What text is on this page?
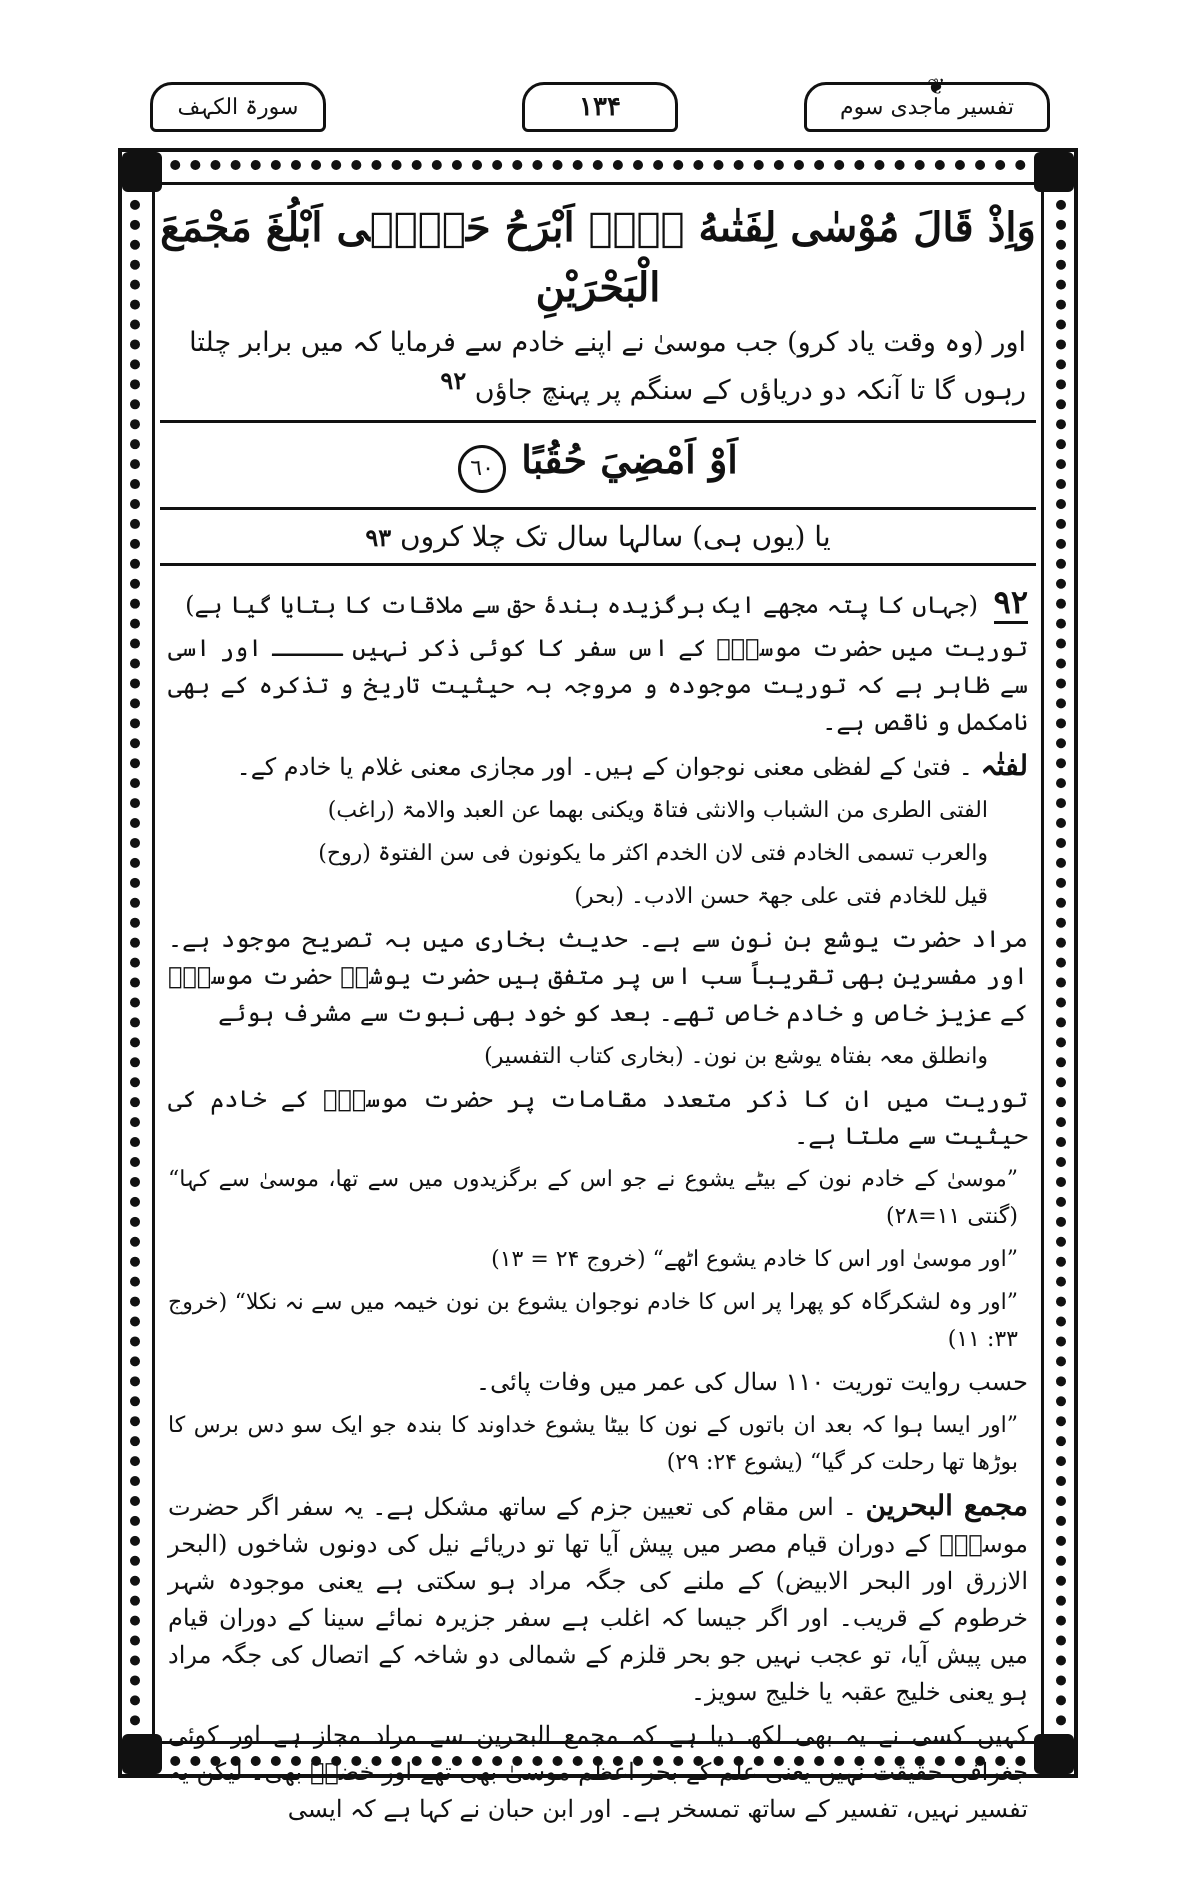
❦
تفسیر ماجدی سوم
۱۳۴
سورۃ الکہف
وَاِذْ قَالَ مُوْسٰى لِفَتٰىهُ لَاۤ اَبْرَحُ حَتّٰۤى اَبْلُغَ مَجْمَعَ الْبَحْرَيْنِ
اور (وہ وقت یاد کرو) جب موسیٰ نے اپنے خادم سے فرمایا کہ میں برابر چلتا رہوں گا تا آنکہ دو دریاؤں کے سنگم پر پہنچ جاؤں $^{۹۲}$
اَوْ اَمْضِيَ حُقُبًا ٦٠
یا (یوں ہی) سالہا سال تک چلا کروں ۹۳

۹۲ (جہاں کا پتہ مجھے ایک برگزیدہ بندۂ حق سے ملاقات کا بتایا گیا ہے)

توریت میں حضرت موسیٰؑ کے اس سفر کا کوئی ذکر نہیں ـــــ اور اسی سے ظاہر ہے کہ توریت موجودہ و مروجہ بہ حیثیت تاریخ و تذکرہ کے بھی نامکمل و ناقص ہے۔

لفتٰہ ۔ فتیٰ کے لفظی معنی نوجوان کے ہیں۔ اور مجازی معنی غلام یا خادم کے۔

الفتی الطری من الشباب والانثی فتاۃ ویکنی بھما عن العبد والامۃ (راغب)

والعرب تسمی الخادم فتی لان الخدم اکثر ما یکونون فی سن الفتوۃ (روح)

قیل للخادم فتی علی جھۃ حسن الادب۔ (بحر)

مراد حضرت یوشع بن نون سے ہے۔ حدیث بخاری میں بہ تصریح موجود ہے۔ اور مفسرین بھی تقریباً سب اس پر متفق ہیں حضرت یوشعؑ حضرت موسیٰؑ کے عزیز خاص و خادم خاص تھے۔ بعد کو خود بھی نبوت سے مشرف ہوئے

وانطلق معہ بفتاہ یوشع بن نون۔ (بخاری کتاب التفسیر)

توریت میں ان کا ذکر متعدد مقامات پر حضرت موسیٰؑ کے خادم کی حیثیت سے ملتا ہے۔

”موسیٰ کے خادم نون کے بیٹے یشوع نے جو اس کے برگزیدوں میں سے تھا، موسیٰ سے کہا“ (گنتی ۱۱=۲۸)

”اور موسیٰ اور اس کا خادم یشوع اٹھے“ (خروج ۲۴ = ۱۳)

”اور وہ لشکرگاہ کو پھرا پر اس کا خادم نوجوان یشوع بن نون خیمہ میں سے نہ نکلا“ (خروج ۳۳: ۱۱)

حسب روایت توریت ۱۱۰ سال کی عمر میں وفات پائی۔

”اور ایسا ہوا کہ بعد ان باتوں کے نون کا بیٹا یشوع خداوند کا بندہ جو ایک سو دس برس کا بوڑھا تھا رحلت کر گیا“ (یشوع ۲۴: ۲۹)

مجمع البحرین ۔ اس مقام کی تعیین جزم کے ساتھ مشکل ہے۔ یہ سفر اگر حضرت موسیٰؑ کے دوران قیام مصر میں پیش آیا تھا تو دریائے نیل کی دونوں شاخوں (البحر الازرق اور البحر الابیض) کے ملنے کی جگہ مراد ہو سکتی ہے یعنی موجودہ شہر خرطوم کے قریب۔ اور اگر جیسا کہ اغلب ہے سفر جزیرہ نمائے سینا کے دوران قیام میں پیش آیا، تو عجب نہیں جو بحر قلزم کے شمالی دو شاخہ کے اتصال کی جگہ مراد ہو یعنی خلیج عقبہ یا خلیج سویز۔

کہیں کسی نے یہ بھی لکھ دیا ہے کہ مجمع البحرین سے مراد مجاز ہے اور کوئی جغرافی حقیقت نہیں یعنی علم کے بحر اعظم موسیٰ بھی تھے اور خضرؑ بھی۔ لیکن یہ تفسیر نہیں، تفسیر کے ساتھ تمسخر ہے۔ اور ابن حبان نے کہا ہے کہ ایسی
